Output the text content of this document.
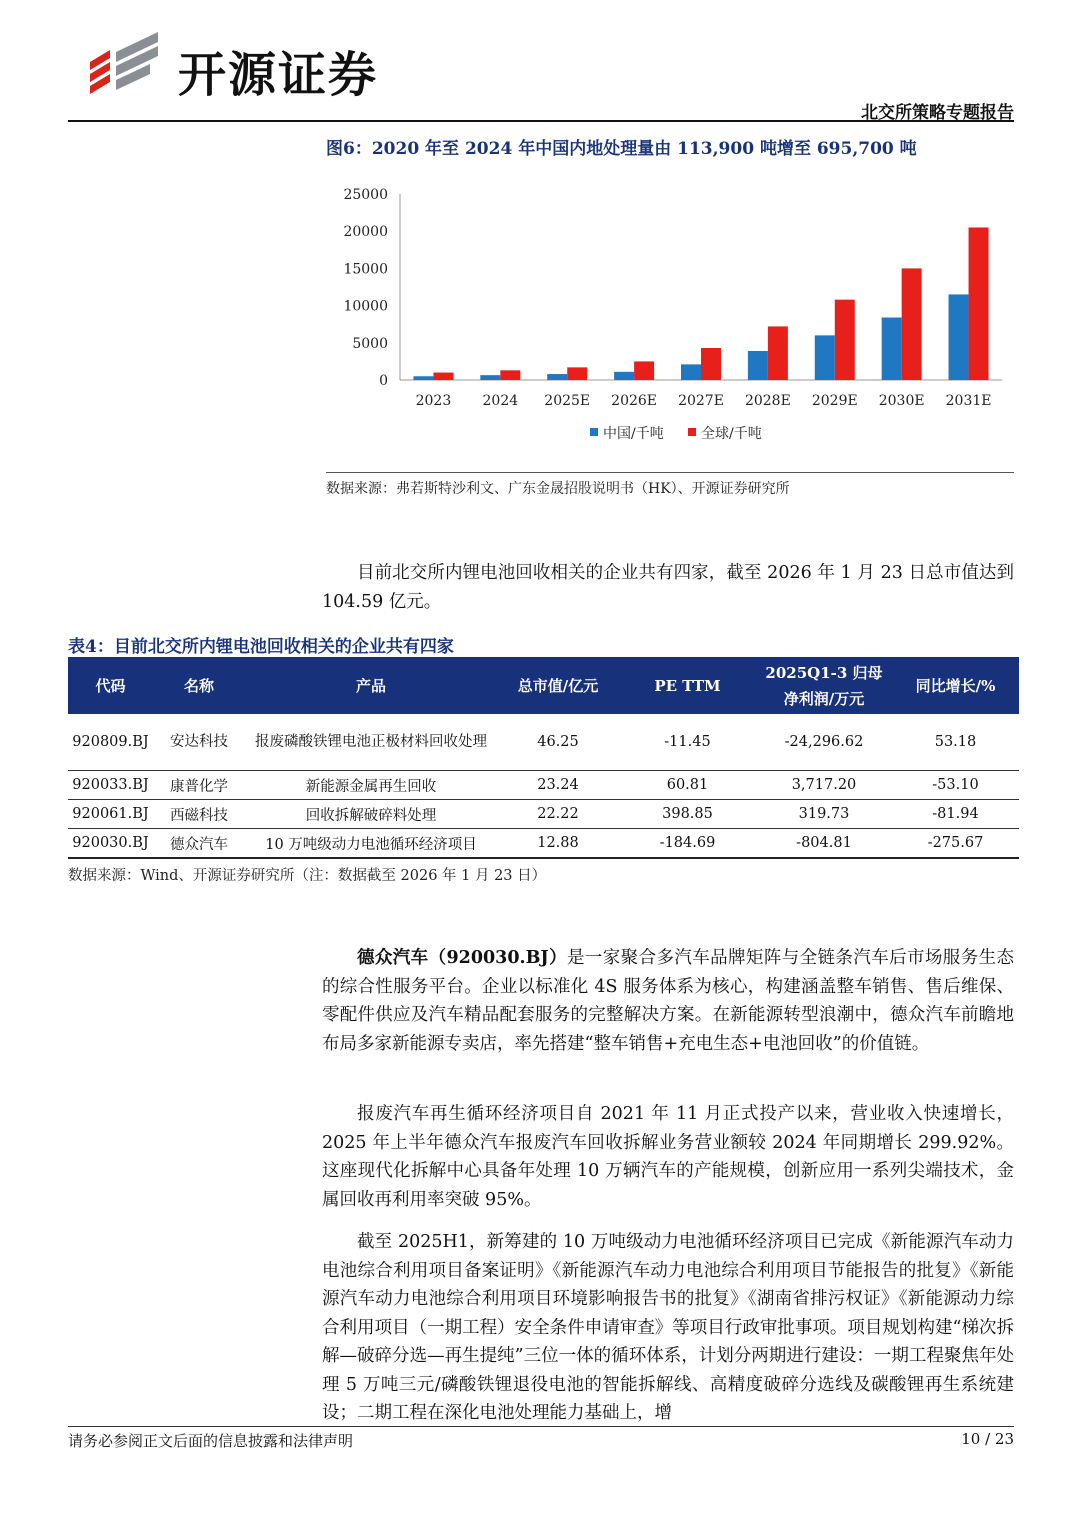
开源证券
北交所策略专题报告
图6：2020 年至 2024 年中国内地处理量由 113,900 吨增至 695,700 吨
0
5000
10000
15000
20000
25000
2023 2024 2025E 2026E 2027E 2028E 2029E 2030E 2031E
中国/千吨	全球/千吨
数据来源：弗若斯特沙利文、广东金晟招股说明书（HK）、开源证券研究所

目前北交所内锂电池回收相关的企业共有四家，截至 2026 年 1 月 23 日总市值达到 104.59 亿元。

表4：目前北交所内锂电池回收相关的企业共有四家
代码	名称	产品	总市值/亿元	PE TTM	2025Q1-3 归母净利润/万元	同比增长/%
920809.BJ	安达科技	报废磷酸铁锂电池正极材料回收处理	46.25	-11.45	-24,296.62	53.18
920033.BJ	康普化学	新能源金属再生回收	23.24	60.81	3,717.20	-53.10
920061.BJ	西磁科技	回收拆解破碎料处理	22.22	398.85	319.73	-81.94
920030.BJ	德众汽车	10 万吨级动力电池循环经济项目	12.88	-184.69	-804.81	-275.67
数据来源：Wind、开源证券研究所（注：数据截至 2026 年 1 月 23 日）

德众汽车（920030.BJ）是一家聚合多汽车品牌矩阵与全链条汽车后市场服务生态的综合性服务平台。企业以标准化 4S 服务体系为核心，构建涵盖整车销售、售后维保、零配件供应及汽车精品配套服务的完整解决方案。在新能源转型浪潮中，德众汽车前瞻地布局多家新能源专卖店，率先搭建“整车销售+充电生态+电池回收”的价值链。

报废汽车再生循环经济项目自 2021 年 11 月正式投产以来，营业收入快速增长，2025 年上半年德众汽车报废汽车回收拆解业务营业额较 2024 年同期增长 299.92%。这座现代化拆解中心具备年处理 10 万辆汽车的产能规模，创新应用一系列尖端技术，金属回收再利用率突破 95%。

截至 2025H1，新筹建的 10 万吨级动力电池循环经济项目已完成《新能源汽车动力电池综合利用项目备案证明》《新能源汽车动力电池综合利用项目节能报告的批复》《新能源汽车动力电池综合利用项目环境影响报告书的批复》《湖南省排污权证》《新能源动力综合利用项目（一期工程）安全条件申请审查》等项目行政审批事项。项目规划构建“梯次拆解—破碎分选—再生提纯”三位一体的循环体系，计划分两期进行建设：一期工程聚焦年处理 5 万吨三元/磷酸铁锂退役电池的智能拆解线、高精度破碎分选线及碳酸锂再生系统建设；二期工程在深化电池处理能力基础上，增

请务必参阅正文后面的信息披露和法律声明	10 / 23
